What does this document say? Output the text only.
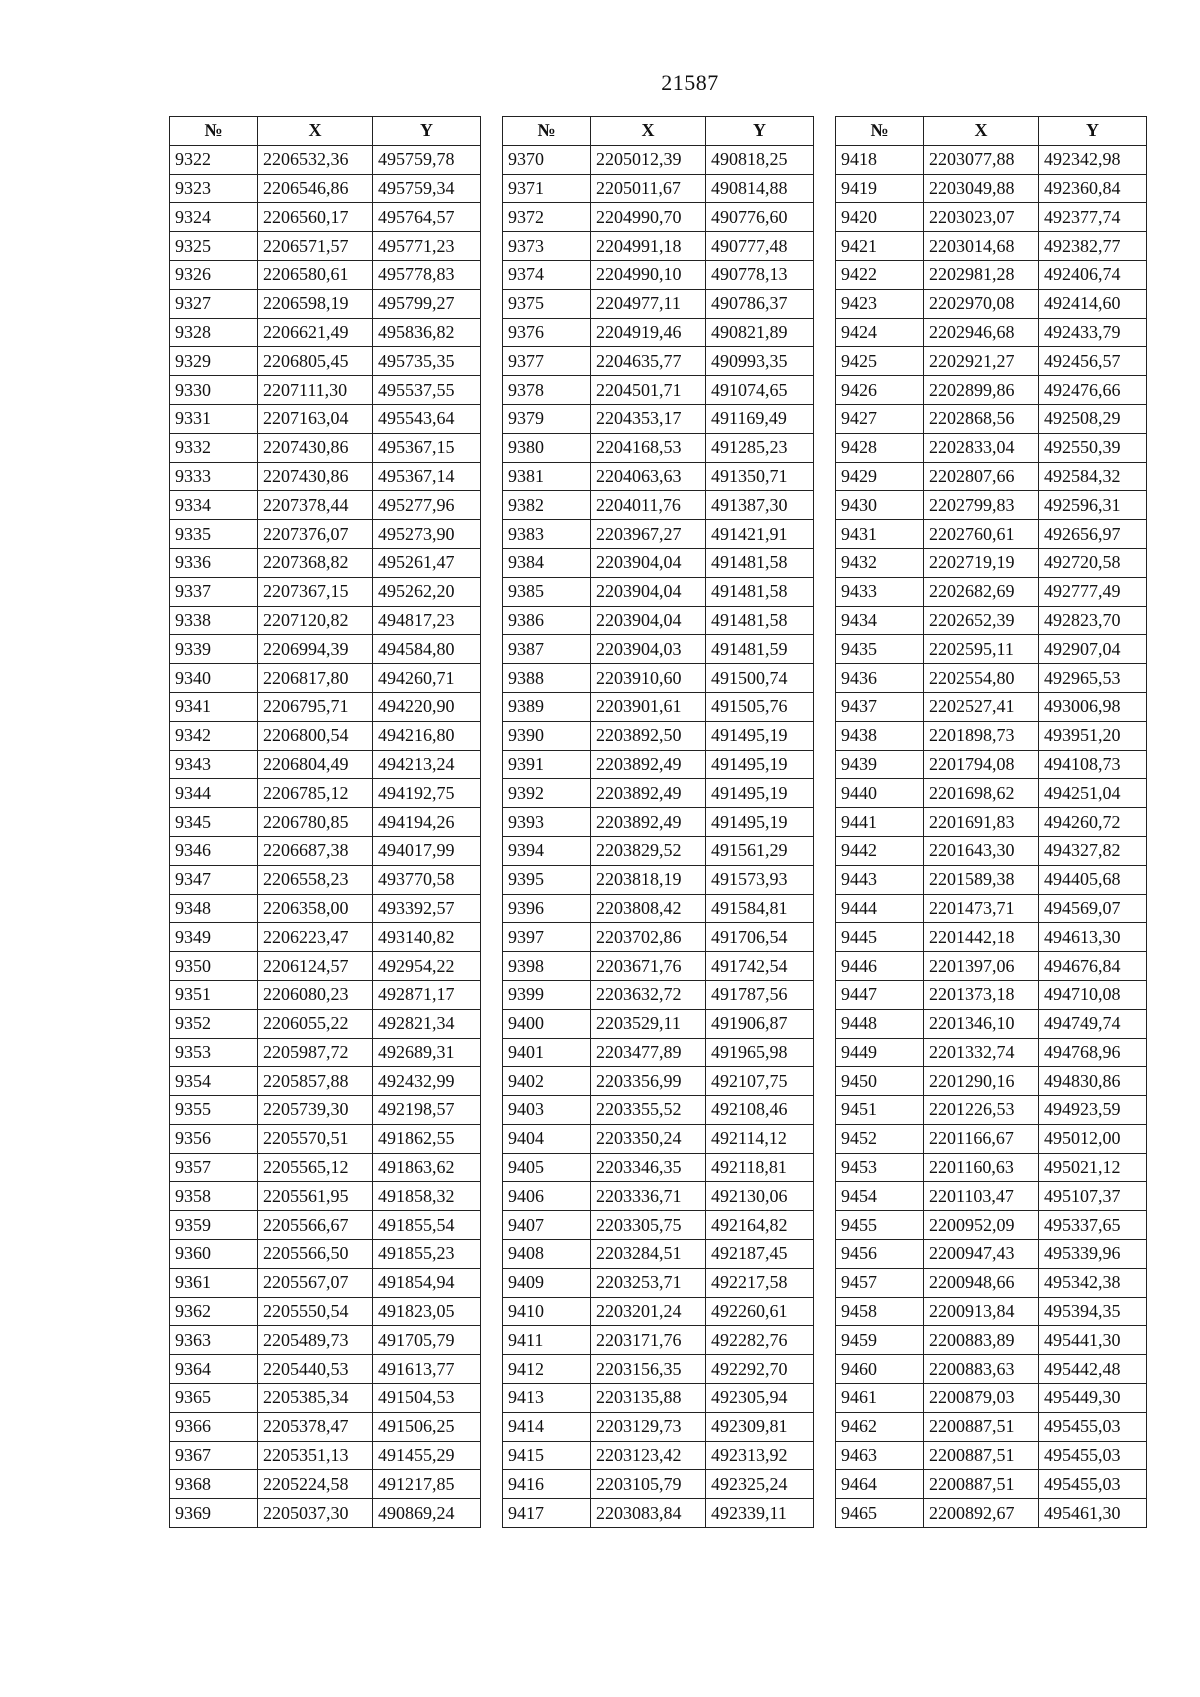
21587
№	X	Y
9322	2206532,36	495759,78
9323	2206546,86	495759,34
9324	2206560,17	495764,57
9325	2206571,57	495771,23
9326	2206580,61	495778,83
9327	2206598,19	495799,27
9328	2206621,49	495836,82
9329	2206805,45	495735,35
9330	2207111,30	495537,55
9331	2207163,04	495543,64
9332	2207430,86	495367,15
9333	2207430,86	495367,14
9334	2207378,44	495277,96
9335	2207376,07	495273,90
9336	2207368,82	495261,47
9337	2207367,15	495262,20
9338	2207120,82	494817,23
9339	2206994,39	494584,80
9340	2206817,80	494260,71
9341	2206795,71	494220,90
9342	2206800,54	494216,80
9343	2206804,49	494213,24
9344	2206785,12	494192,75
9345	2206780,85	494194,26
9346	2206687,38	494017,99
9347	2206558,23	493770,58
9348	2206358,00	493392,57
9349	2206223,47	493140,82
9350	2206124,57	492954,22
9351	2206080,23	492871,17
9352	2206055,22	492821,34
9353	2205987,72	492689,31
9354	2205857,88	492432,99
9355	2205739,30	492198,57
9356	2205570,51	491862,55
9357	2205565,12	491863,62
9358	2205561,95	491858,32
9359	2205566,67	491855,54
9360	2205566,50	491855,23
9361	2205567,07	491854,94
9362	2205550,54	491823,05
9363	2205489,73	491705,79
9364	2205440,53	491613,77
9365	2205385,34	491504,53
9366	2205378,47	491506,25
9367	2205351,13	491455,29
9368	2205224,58	491217,85
9369	2205037,30	490869,24
№	X	Y
9370	2205012,39	490818,25
9371	2205011,67	490814,88
9372	2204990,70	490776,60
9373	2204991,18	490777,48
9374	2204990,10	490778,13
9375	2204977,11	490786,37
9376	2204919,46	490821,89
9377	2204635,77	490993,35
9378	2204501,71	491074,65
9379	2204353,17	491169,49
9380	2204168,53	491285,23
9381	2204063,63	491350,71
9382	2204011,76	491387,30
9383	2203967,27	491421,91
9384	2203904,04	491481,58
9385	2203904,04	491481,58
9386	2203904,04	491481,58
9387	2203904,03	491481,59
9388	2203910,60	491500,74
9389	2203901,61	491505,76
9390	2203892,50	491495,19
9391	2203892,49	491495,19
9392	2203892,49	491495,19
9393	2203892,49	491495,19
9394	2203829,52	491561,29
9395	2203818,19	491573,93
9396	2203808,42	491584,81
9397	2203702,86	491706,54
9398	2203671,76	491742,54
9399	2203632,72	491787,56
9400	2203529,11	491906,87
9401	2203477,89	491965,98
9402	2203356,99	492107,75
9403	2203355,52	492108,46
9404	2203350,24	492114,12
9405	2203346,35	492118,81
9406	2203336,71	492130,06
9407	2203305,75	492164,82
9408	2203284,51	492187,45
9409	2203253,71	492217,58
9410	2203201,24	492260,61
9411	2203171,76	492282,76
9412	2203156,35	492292,70
9413	2203135,88	492305,94
9414	2203129,73	492309,81
9415	2203123,42	492313,92
9416	2203105,79	492325,24
9417	2203083,84	492339,11
№	X	Y
9418	2203077,88	492342,98
9419	2203049,88	492360,84
9420	2203023,07	492377,74
9421	2203014,68	492382,77
9422	2202981,28	492406,74
9423	2202970,08	492414,60
9424	2202946,68	492433,79
9425	2202921,27	492456,57
9426	2202899,86	492476,66
9427	2202868,56	492508,29
9428	2202833,04	492550,39
9429	2202807,66	492584,32
9430	2202799,83	492596,31
9431	2202760,61	492656,97
9432	2202719,19	492720,58
9433	2202682,69	492777,49
9434	2202652,39	492823,70
9435	2202595,11	492907,04
9436	2202554,80	492965,53
9437	2202527,41	493006,98
9438	2201898,73	493951,20
9439	2201794,08	494108,73
9440	2201698,62	494251,04
9441	2201691,83	494260,72
9442	2201643,30	494327,82
9443	2201589,38	494405,68
9444	2201473,71	494569,07
9445	2201442,18	494613,30
9446	2201397,06	494676,84
9447	2201373,18	494710,08
9448	2201346,10	494749,74
9449	2201332,74	494768,96
9450	2201290,16	494830,86
9451	2201226,53	494923,59
9452	2201166,67	495012,00
9453	2201160,63	495021,12
9454	2201103,47	495107,37
9455	2200952,09	495337,65
9456	2200947,43	495339,96
9457	2200948,66	495342,38
9458	2200913,84	495394,35
9459	2200883,89	495441,30
9460	2200883,63	495442,48
9461	2200879,03	495449,30
9462	2200887,51	495455,03
9463	2200887,51	495455,03
9464	2200887,51	495455,03
9465	2200892,67	495461,30
